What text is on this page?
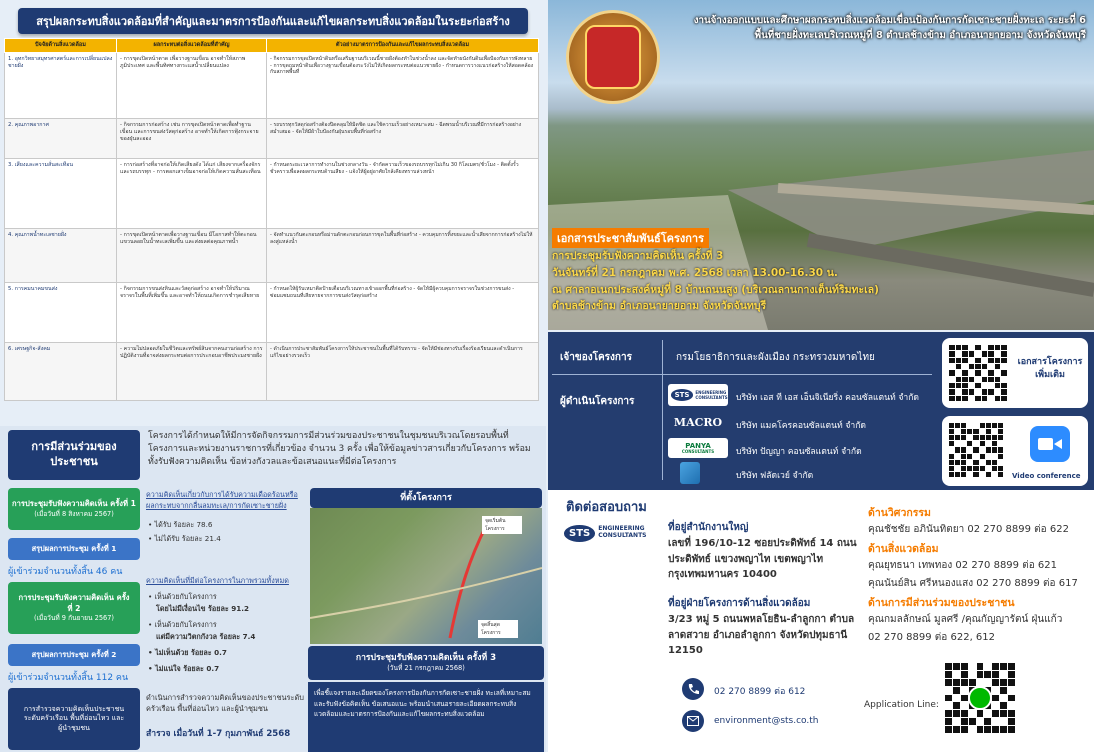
สรุปผลกระทบสิ่งแวดล้อมที่สำคัญและมาตรการป้องกันและแก้ไขผลกระทบสิ่งแวดล้อมในระยะก่อสร้าง
ปัจจัยด้านสิ่งแวดล้อม	ผลกระทบต่อสิ่งแวดล้อมที่สำคัญ	ตัวอย่างมาตรการป้องกันและแก้ไขผลกระทบสิ่งแวดล้อม
1. อุทกวิทยาสมุทรศาสตร์และการเปลี่ยนแปลงชายฝั่ง	- การขุดเปิดหน้าตาด เพื่อวางฐานเขื่อน อาจทำให้สภาพภูมิประเทศ และพื้นทิศทางกระแสน้ำเปลี่ยนแปลง	- กิจกรรมการขุดเปิดหน้าดินหรือเสริมฐานบริเวณนี้ชายฝั่งต้องทำในช่วงน้ำลง และจัดทำผนังกันดินเพื่อป้องกันการพังทลาย - การขุดถมหน้าดินเพื่อวางฐานเขื่อนต้องระวังไม่ให้เกิดผลกระทบต่อแนวชายฝั่ง - กำหนดการวางแนวก่อสร้างให้สอดคล้องกับสภาพพื้นที่
2. คุณภาพอากาศ	- กิจกรรมการก่อสร้าง เช่น การขุดเปิดหน้าตาดเพื่อทำฐานเขื่อน และการขนส่งวัสดุก่อสร้าง อาจทำให้เกิดการฟุ้งกระจายของฝุ่นละออง	- รถบรรทุกวัสดุก่อสร้างต้องปิดคลุมให้มิดชิด และใช้ความเร็วอย่างเหมาะสม - ฉีดพรมน้ำบริเวณที่มีการก่อสร้างอย่างสม่ำเสมอ - จัดให้มีผ้าใบป้องกันฝุ่นรอบพื้นที่ก่อสร้าง
3. เสียงและความสั่นสะเทือน	- การก่อสร้างที่อาจก่อให้เกิดเสียงดัง ได้แก่ เสียงจากเครื่องจักรและรถบรรทุก - การตอกเสาเข็มอาจก่อให้เกิดความสั่นสะเทือน	- กำหนดระยะเวลาการทำงานในช่วงกลางวัน - จำกัดความเร็วของรถบรรทุกไม่เกิน 30 กิโลเมตร/ชั่วโมง - ติดตั้งรั้วชั่วคราวเพื่อลดผลกระทบด้านเสียง - แจ้งให้ผู้อยู่อาศัยใกล้เคียงทราบล่วงหน้า
4. คุณภาพน้ำทะเลชายฝั่ง	- การขุดเปิดหน้าตาดเพื่อวางฐานเขื่อน มีโอกาสทำให้ตะกอนแขวนลอยในน้ำทะเลเพิ่มขึ้น และส่งผลต่อคุณภาพน้ำ	- จัดทำแนวกันตะกอนหรือม่านดักตะกอนก่อนการขุดในพื้นที่ก่อสร้าง - ควบคุมการทิ้งขยะและน้ำเสียจากการก่อสร้างไม่ให้ลงสู่แหล่งน้ำ
5. การคมนาคมขนส่ง	- กิจกรรมการขนส่งหินและวัสดุก่อสร้าง อาจทำให้ปริมาณจราจรในพื้นที่เพิ่มขึ้น และอาจทำให้ถนนเกิดการชำรุดเสียหาย	- กำหนดให้ผู้รับเหมาติดป้ายเตือนบริเวณทางเข้าออกพื้นที่ก่อสร้าง - จัดให้มีผู้ควบคุมการจราจรในช่วงการขนส่ง - ซ่อมแซมถนนที่เสียหายจากการขนส่งวัสดุก่อสร้าง
6. เศรษฐกิจ-สังคม	- ความไม่ปลอดภัยในชีวิตและทรัพย์สินจากคนงานก่อสร้าง การปฏิบัติงานที่อาจส่งผลกระทบต่อการประกอบอาชีพประมงชายฝั่ง	- ดำเนินการประชาสัมพันธ์โครงการให้ประชาชนในพื้นที่ได้รับทราบ - จัดให้มีช่องทางรับเรื่องร้องเรียนและดำเนินการแก้ไขอย่างรวดเร็ว
การมีส่วนร่วมของประชาชน
โครงการได้กำหนดให้มีการจัดกิจกรรมการมีส่วนร่วมของประชาชนในชุมชนบริเวณโดยรอบพื้นที่โครงการและหน่วยงานราชการที่เกี่ยวข้อง จำนวน 3 ครั้ง เพื่อให้ข้อมูลข่าวสารเกี่ยวกับโครงการ พร้อมทั้งรับฟังความคิดเห็น ข้อห่วงกังวลและข้อเสนอแนะที่มีต่อโครงการ
การประชุมรับฟังความคิดเห็น ครั้งที่ 1
(เมื่อวันที่ 8 สิงหาคม 2567)
สรุปผลการประชุม ครั้งที่ 1
ผู้เข้าร่วมจำนวนทั้งสิ้น 46 คน
การประชุมรับฟังความคิดเห็น ครั้งที่ 2
(เมื่อวันที่ 9 กันยายน 2567)
สรุปผลการประชุม ครั้งที่ 2
ผู้เข้าร่วมจำนวนทั้งสิ้น 112 คน
การสำรวจความคิดเห็นประชาชนระดับครัวเรือน พื้นที่อ่อนไหว และผู้นำชุมชน
ความคิดเห็นเกี่ยวกับการได้รับความเดือดร้อนหรือผลกระทบจากกลื่นลมทะเล/การกัดเซาะชายฝั่ง
• ได้รับ ร้อยละ 78.6
• ไม่ได้รับ ร้อยละ 21.4
ความคิดเห็นที่มีต่อโครงการในภาพรวมทั้งหมด
• เห็นด้วยกับโครงการ
โดยไม่มีเงื่อนไข ร้อยละ 91.2
• เห็นด้วยกับโครงการ
แต่มีความวิตกกังวล ร้อยละ 7.4
• ไม่เห็นด้วย ร้อยละ 0.7
• ไม่แน่ใจ ร้อยละ 0.7
ดำเนินการสำรวจความคิดเห็นของประชาชนระดับครัวเรือน พื้นที่อ่อนไหว และผู้นำชุมชน
สำรวจ เมื่อวันที่ 1-7 กุมภาพันธ์ 2568
ที่ตั้งโครงการ
จุดเริ่มต้นโครงการ
จุดสิ้นสุดโครงการ
การประชุมรับฟังความคิดเห็น ครั้งที่ 3
(วันที่ 21 กรกฎาคม 2568)
เพื่อชี้แจงรายละเอียดของโครงการป้องกันการกัดเซาะชายฝั่ง ทะเลที่เหมาะสม และรับฟังข้อคิดเห็น ข้อเสนอแนะ พร้อมนำเสนอรายละเอียดผลกระทบสิ่งแวดล้อมและมาตรการป้องกันและแก้ไขผลกระทบสิ่งแวดล้อม
งานจ้างออกแบบและศึกษาผลกระทบสิ่งแวดล้อมเขื่อนป้องกันการกัดเซาะชายฝั่งทะเล ระยะที่ 6
พื้นที่ชายฝั่งทะเลบริเวณหมู่ที่ 8 ตำบลช้างข้าม อำเภอนายายอาม จังหวัดจันทบุรี
เอกสารประชาสัมพันธ์โครงการ
การประชุมรับฟังความคิดเห็น ครั้งที่ 3
วันจันทร์ที่ 21 กรกฎาคม พ.ศ. 2568 เวลา 13.00-16.30 น.
ณ ศาลาอเนกประสงค์หมู่ที่ 8 บ้านถนนสูง (บริเวณลานกางเต็นท์ริมทะเล)
ตำบลช้างข้าม อำเภอนายายอาม จังหวัดจันทบุรี
เจ้าของโครงการ	กรมโยธาธิการและผังเมือง กระทรวงมหาดไทย
ผู้ดำเนินโครงการ
STS	ENGINEERING CONSULTANTS บริษัท เอส ที เอส เอ็นจิเนียริ่ง คอนซัลแตนท์ จำกัด
MACRO	บริษัท แมคโครคอนซัลแตนท์ จำกัด
PANYA
CONSULTANTS	บริษัท ปัญญา คอนซัลแตนท์ จำกัด
บริษัท ฟลัดเวย์ จำกัด
เอกสารโครงการเพิ่มเติม
Video conference
ติดต่อสอบถาม
STS	ENGINEERING CONSULTANTS
ที่อยู่สำนักงานใหญ่
เลขที่ 196/10-12 ซอยประดิพัทธ์ 14 ถนนประดิพัทธ์ แขวงพญาไท เขตพญาไท กรุงเทพมหานคร 10400
ที่อยู่ฝ่ายโครงการด้านสิ่งแวดล้อม
3/23 หมู่ 5 ถนนพหลโยธิน-ลำลูกกา ตำบลลาดสวาย อำเภอลำลูกกา จังหวัดปทุมธานี 12150
02 270 8899 ต่อ 612
environment@sts.co.th
ด้านวิศวกรรม
คุณชัชชัย อภินันทิตยา 02 270 8899 ต่อ 622
ด้านสิ่งแวดล้อม
คุณยุทธนา เทพทอง 02 270 8899 ต่อ 621
คุณนันย์สิน ศรีหนองแสง 02 270 8899 ต่อ 617
ด้านการมีส่วนร่วมของประชาชน
คุณกมลลักษณ์ มูลศรี /คุณกัญญารัตน์ ฝุ่นแก้ว
02 270 8899 ต่อ 622, 612
Application Line:
